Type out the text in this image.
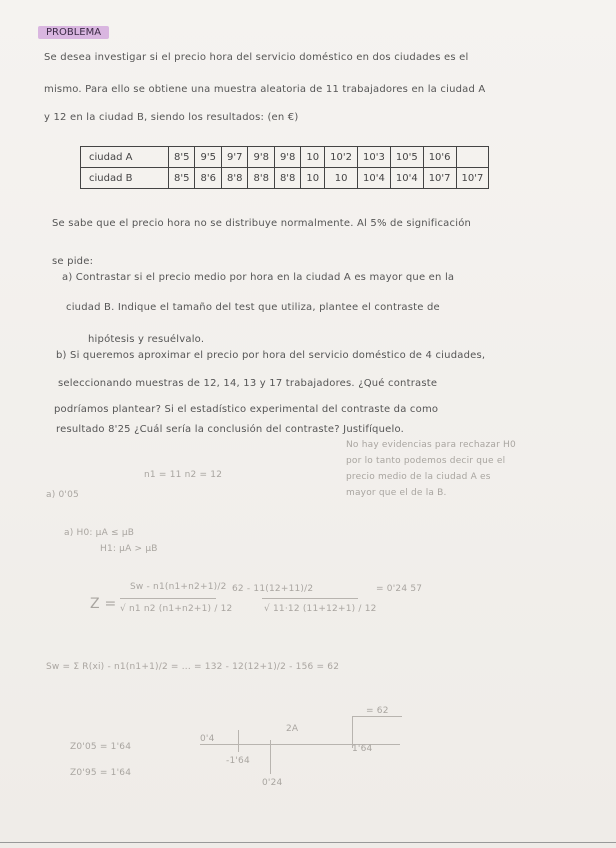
PROBLEMA
Se desea investigar si el precio hora del servicio doméstico en dos ciudades es el
mismo. Para ello se obtiene una muestra aleatoria de 11 trabajadores en la ciudad A
y 12 en la ciudad B, siendo los resultados: (en €)
ciudad A	8'5	9'5	9'7	9'8	9'8	10	10'2	10'3	10'5	10'6	
ciudad B	8'5	8'6	8'8	8'8	8'8	10	10	10'4	10'4	10'7	10'7
Se sabe que el precio hora no se distribuye normalmente. Al 5% de significación
se pide:
a) Contrastar si el precio medio por hora en la ciudad A es mayor que en la
ciudad B. Indique el tamaño del test que utiliza, plantee el contraste de
hipótesis y resuélvalo.
b) Si queremos aproximar el precio por hora del servicio doméstico de 4 ciudades,
seleccionando muestras de 12, 14, 13 y 17 trabajadores. ¿Qué contraste
podríamos plantear? Si el estadístico experimental del contraste da como
resultado 8'25 ¿Cuál sería la conclusión del contraste? Justifíquelo.
No hay evidencias para rechazar H0
por lo tanto podemos decir que el
precio medio de la ciudad A es
mayor que el de la B.
n1 = 11 n2 = 12
a) 0'05
a) H0: μA ≤ μB
H1: μA > μB
Z =
Sw - n1(n1+n2+1)/2
√ n1 n2 (n1+n2+1) / 12
62 - 11(12+11)/2
√ 11·12 (11+12+1) / 12
= 0'24 57
Sw = Σ R(xi) - n1(n1+1)/2 = ... = 132 - 12(12+1)/2 - 156 = 62
= 62
2A
0'4
-1'64
1'64
0'24
Z0'05 = 1'64
Z0'95 = 1'64
